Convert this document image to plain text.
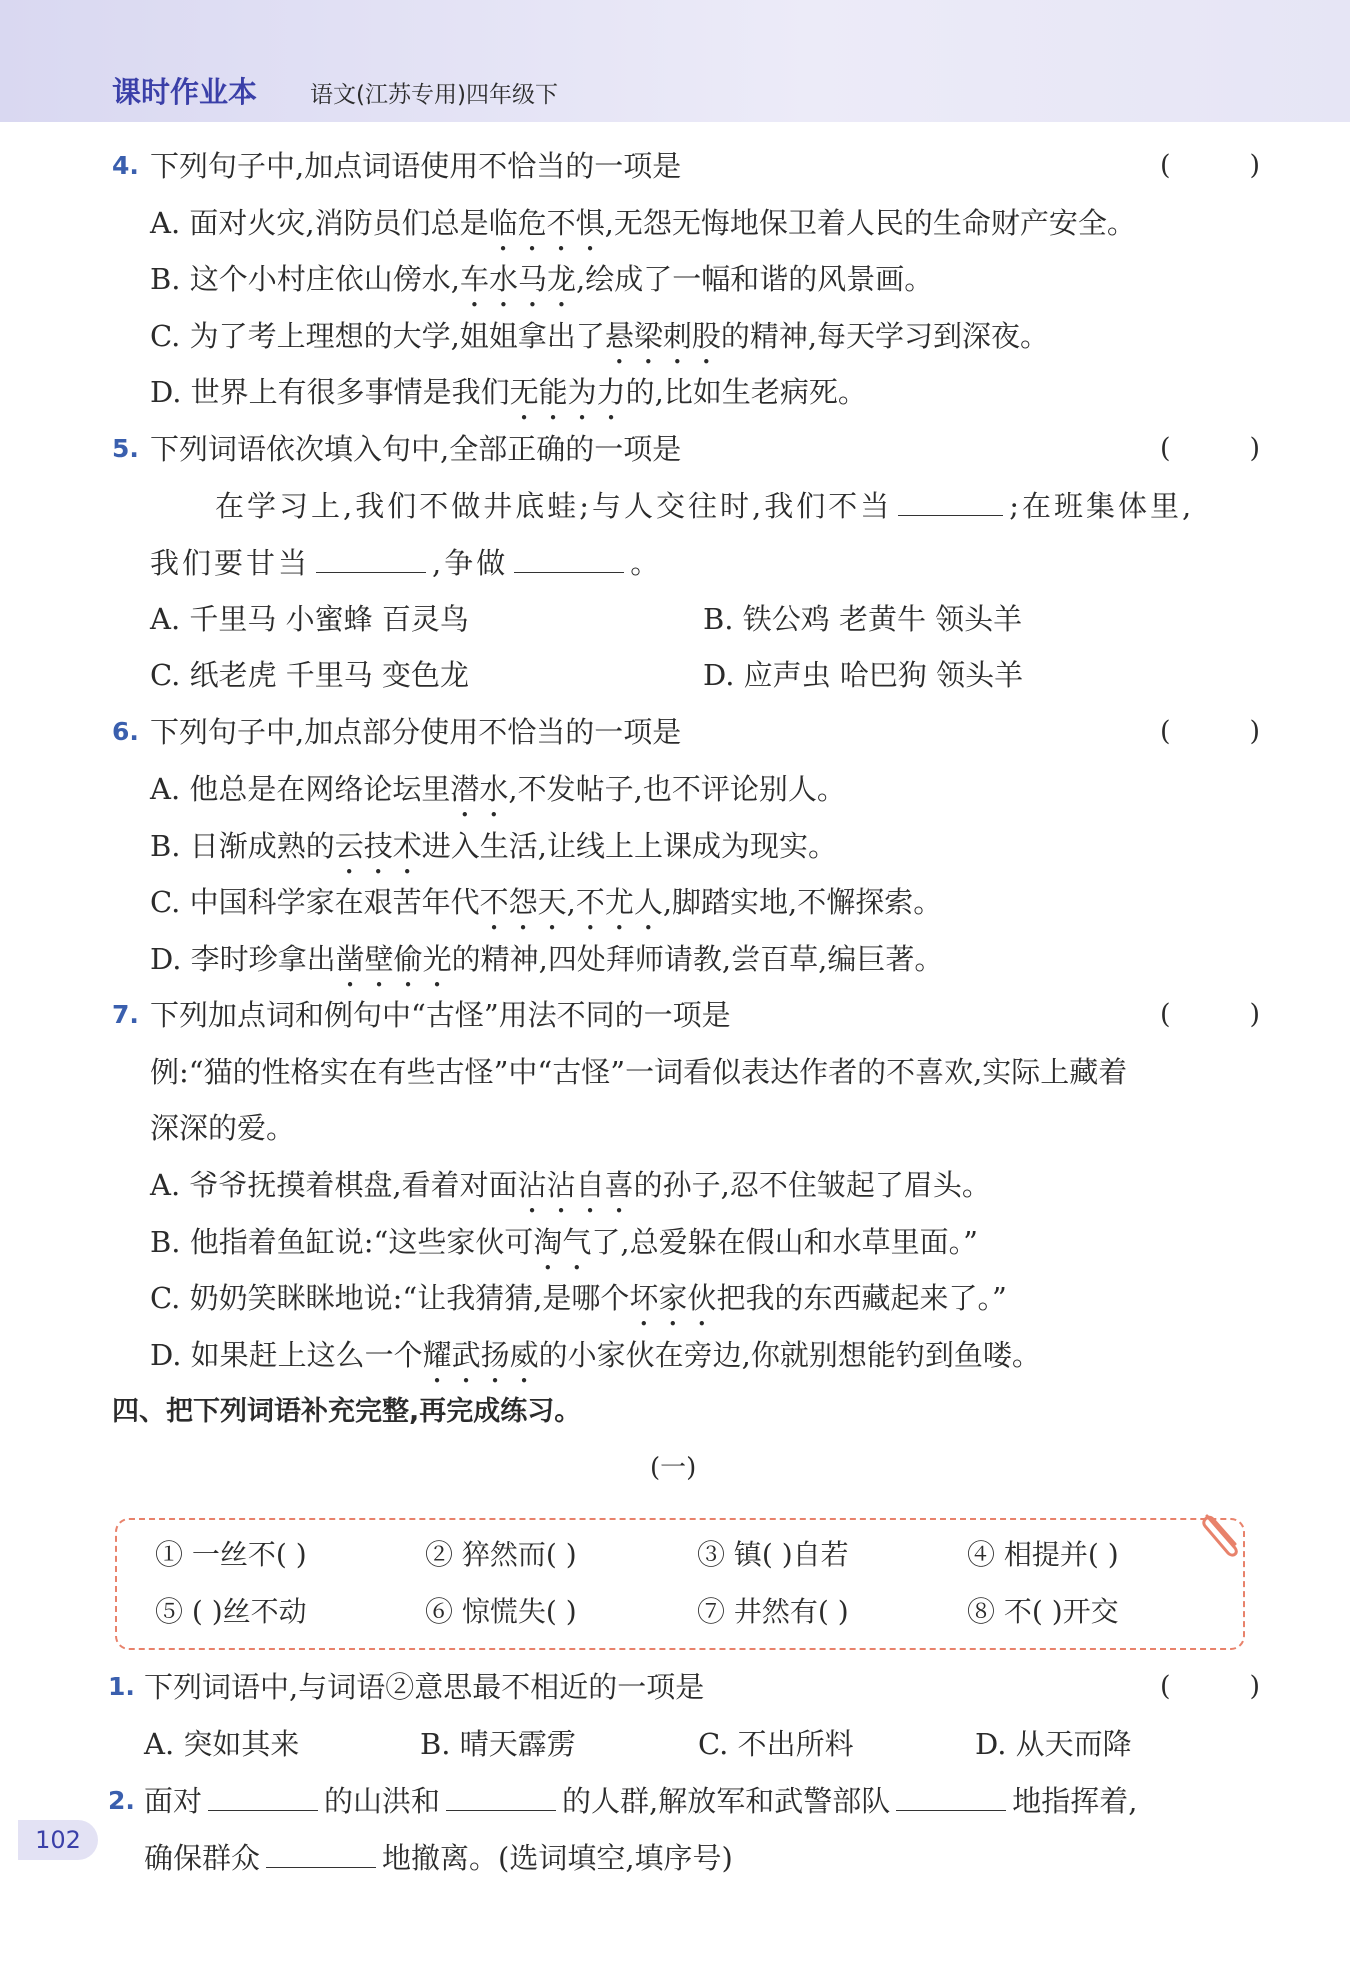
课时作业本 语文(江苏专用)四年级下
4. 下列句子中,加点词语使用不恰当的一项是	(	)
A. 面对火灾,消防员们总是临危不惧,无怨无悔地保卫着人民的生命财产安全。
B. 这个小村庄依山傍水,车水马龙,绘成了一幅和谐的风景画。
C. 为了考上理想的大学,姐姐拿出了悬梁刺股的精神,每天学习到深夜。
D. 世界上有很多事情是我们无能为力的,比如生老病死。
5. 下列词语依次填入句中,全部正确的一项是	(	)
在学习上,我们不做井底蛙;与人交往时,我们不当	;在班集体里,
我们要甘当	,争做	。
A. 千里马 小蜜蜂 百灵鸟	B. 铁公鸡 老黄牛 领头羊
C. 纸老虎 千里马 变色龙	D. 应声虫 哈巴狗 领头羊
6. 下列句子中,加点部分使用不恰当的一项是	(	)
A. 他总是在网络论坛里潜水,不发帖子,也不评论别人。
B. 日渐成熟的云技术进入生活,让线上上课成为现实。
C. 中国科学家在艰苦年代不怨天,不尤人,脚踏实地,不懈探索。
D. 李时珍拿出凿壁偷光的精神,四处拜师请教,尝百草,编巨著。
7. 下列加点词和例句中“古怪”用法不同的一项是	(	)
例:“猫的性格实在有些古怪”中“古怪”一词看似表达作者的不喜欢,实际上藏着
深深的爱。
A. 爷爷抚摸着棋盘,看着对面沾沾自喜的孙子,忍不住皱起了眉头。
B. 他指着鱼缸说:“这些家伙可淘气了,总爱躲在假山和水草里面。”
C. 奶奶笑眯眯地说:“让我猜猜,是哪个坏家伙把我的东西藏起来了。”
D. 如果赶上这么一个耀武扬威的小家伙在旁边,你就别想能钓到鱼喽。
四、把下列词语补充完整,再完成练习。
(一)
① 一丝不( )	② 猝然而( )	③ 镇( )自若	④ 相提并( )
⑤ ( )丝不动	⑥ 惊慌失( )	⑦ 井然有( )	⑧ 不( )开交
1. 下列词语中,与词语②意思最不相近的一项是	(	)
A. 突如其来	B. 晴天霹雳	C. 不出所料	D. 从天而降
2. 面对	的山洪和	的人群,解放军和武警部队	地指挥着,
确保群众	地撤离。(选词填空,填序号)
102
